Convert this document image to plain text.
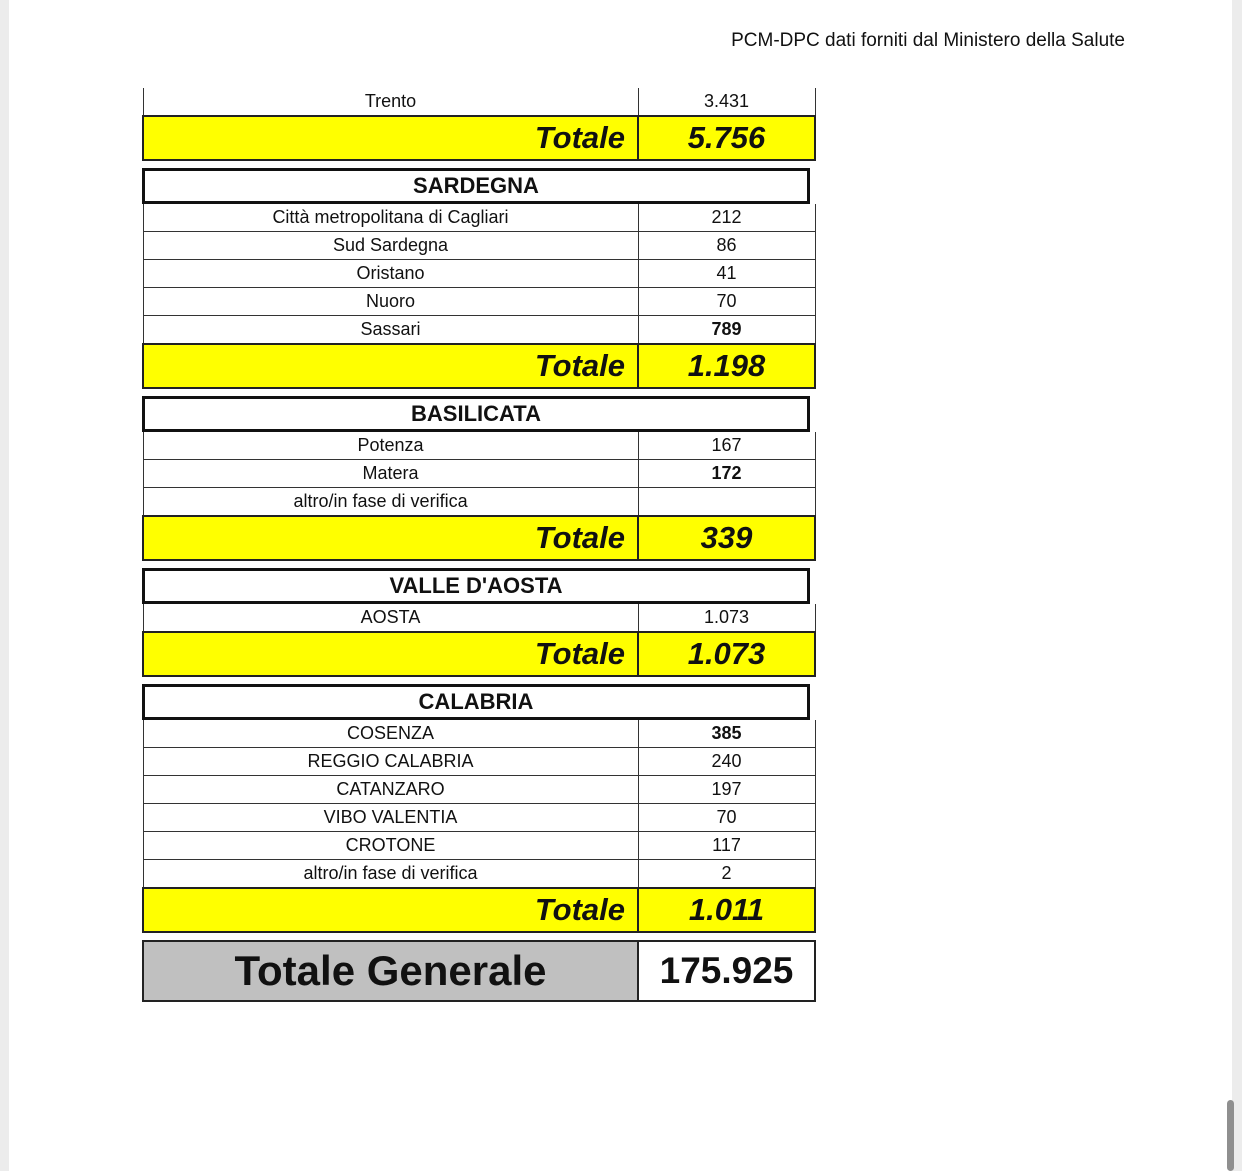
PCM-DPC dati forniti dal Ministero della Salute
Trento	3.431
Totale	5.756
SARDEGNA
Città metropolitana di Cagliari	212
Sud Sardegna	86
Oristano	41
Nuoro	70
Sassari	789
Totale	1.198
BASILICATA
Potenza	167
Matera	172
altro/in fase di verifica	
Totale	339
VALLE D'AOSTA
AOSTA	1.073
Totale	1.073
CALABRIA
COSENZA	385
REGGIO CALABRIA	240
CATANZARO	197
VIBO VALENTIA	70
CROTONE	117
altro/in fase di verifica	2
Totale	1.011
Totale Generale	175.925
